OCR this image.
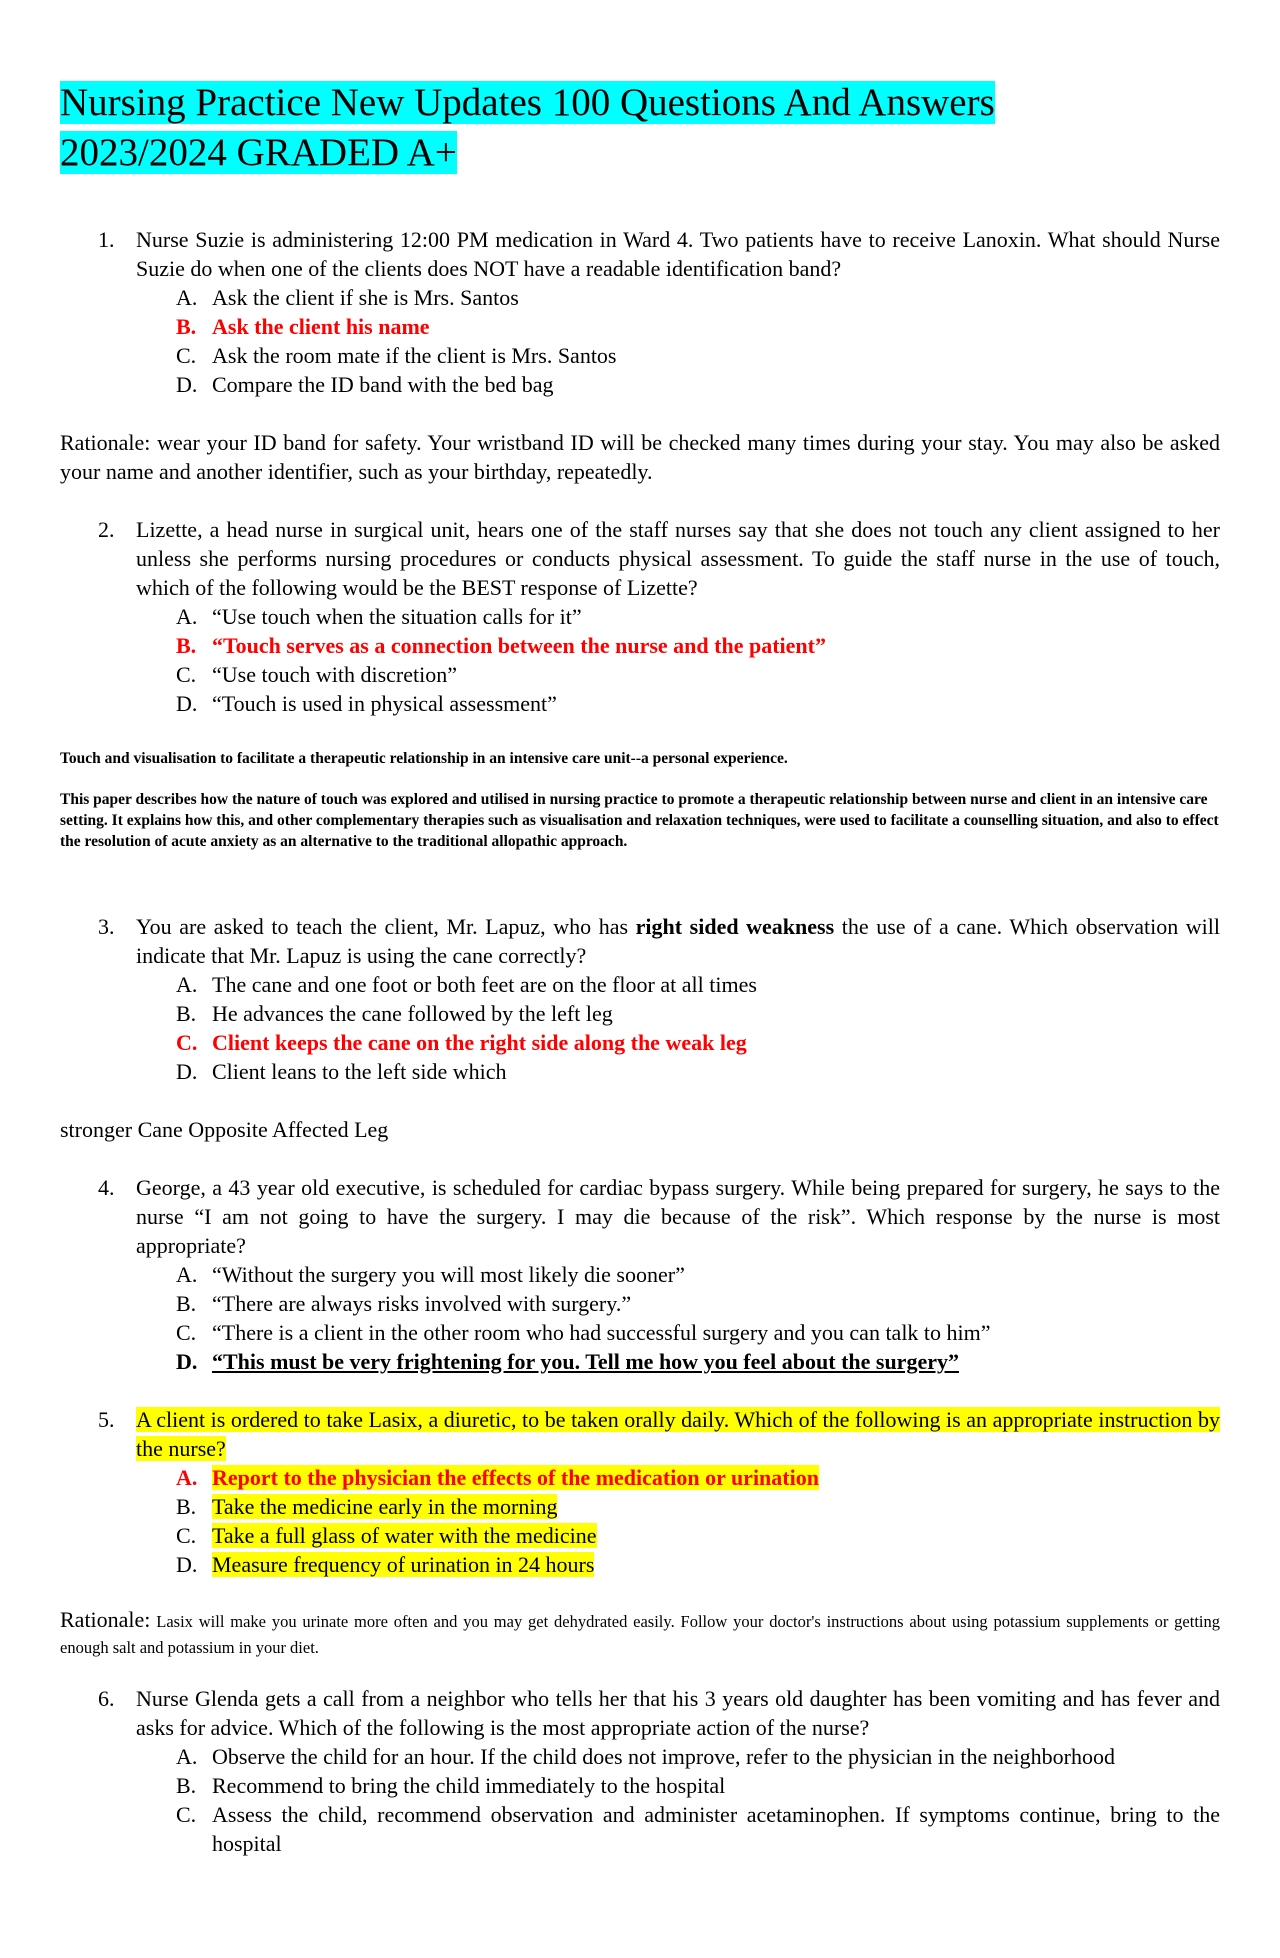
Nursing Practice New Updates 100 Questions And Answers
2023/2024 GRADED A+

1. Nurse Suzie is administering 12:00 PM medication in Ward 4. Two patients have to receive Lanoxin. What should Nurse Suzie do when one of the clients does NOT have a readable identification band?

A. Ask the client if she is Mrs. Santos
B. Ask the client his name
C. Ask the room mate if the client is Mrs. Santos
D. Compare the ID band with the bed bag

Rationale: wear your ID band for safety. Your wristband ID will be checked many times during your stay. You may also be asked your name and another identifier, such as your birthday, repeatedly.

2. Lizette, a head nurse in surgical unit, hears one of the staff nurses say that she does not touch any client assigned to her unless she performs nursing procedures or conducts physical assessment. To guide the staff nurse in the use of touch, which of the following would be the BEST response of Lizette?

A. “Use touch when the situation calls for it”
B. “Touch serves as a connection between the nurse and the patient”
C. “Use touch with discretion”
D. “Touch is used in physical assessment”

Touch and visualisation to facilitate a therapeutic relationship in an intensive care unit--a personal experience.

This paper describes how the nature of touch was explored and utilised in nursing practice to promote a therapeutic relationship between nurse and client in an intensive care setting. It explains how this, and other complementary therapies such as visualisation and relaxation techniques, were used to facilitate a counselling situation, and also to effect the resolution of acute anxiety as an alternative to the traditional allopathic approach.

3. You are asked to teach the client, Mr. Lapuz, who has right sided weakness the use of a cane. Which observation will indicate that Mr. Lapuz is using the cane correctly?

A. The cane and one foot or both feet are on the floor at all times
B. He advances the cane followed by the left leg
C. Client keeps the cane on the right side along the weak leg
D. Client leans to the left side which

stronger Cane Opposite Affected Leg

4. George, a 43 year old executive, is scheduled for cardiac bypass surgery. While being prepared for surgery, he says to the nurse “I am not going to have the surgery. I may die because of the risk”. Which response by the nurse is most appropriate?

A. “Without the surgery you will most likely die sooner”
B. “There are always risks involved with surgery.”
C. “There is a client in the other room who had successful surgery and you can talk to him”
D. “This must be very frightening for you. Tell me how you feel about the surgery”

5. A client is ordered to take Lasix, a diuretic, to be taken orally daily. Which of the following is an appropriate instruction by the nurse?

A. Report to the physician the effects of the medication or urination
B. Take the medicine early in the morning
C. Take a full glass of water with the medicine
D. Measure frequency of urination in 24 hours

Rationale: Lasix will make you urinate more often and you may get dehydrated easily. Follow your doctor's instructions about using potassium supplements or getting enough salt and potassium in your diet.

6. Nurse Glenda gets a call from a neighbor who tells her that his 3 years old daughter has been vomiting and has fever and asks for advice. Which of the following is the most appropriate action of the nurse?

A. Observe the child for an hour. If the child does not improve, refer to the physician in the neighborhood
B. Recommend to bring the child immediately to the hospital
C. Assess the child, recommend observation and administer acetaminophen. If symptoms continue, bring to the hospital
